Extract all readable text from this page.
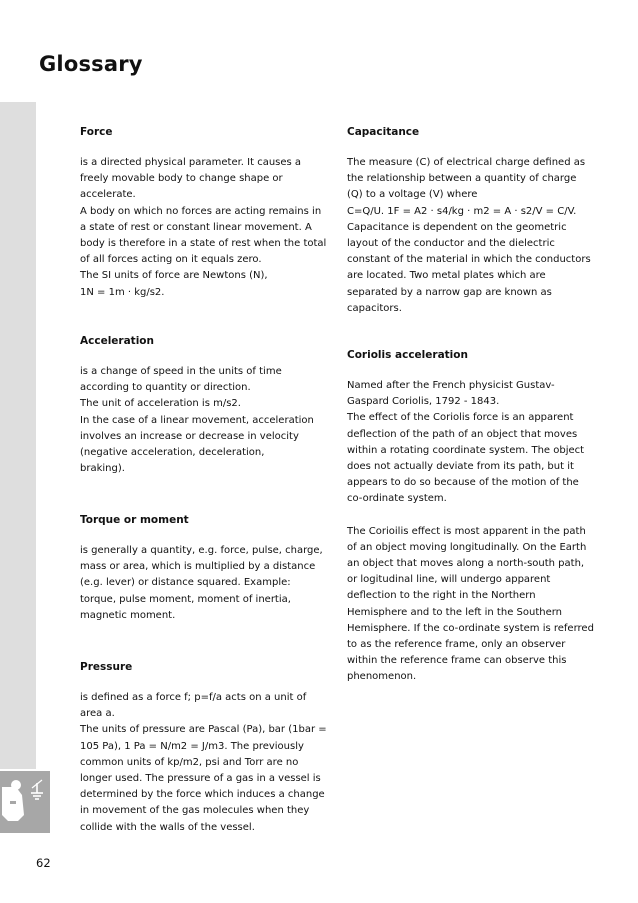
Glossary
62

Force

is a directed physical parameter. It causes a
freely movable body to change shape or
accelerate.
A body on which no forces are acting remains in
a state of rest or constant linear movement. A
body is therefore in a state of rest when the total
of all forces acting on it equals zero.
The SI units of force are Newtons (N),
1N = 1m · kg/s2.

Acceleration

is a change of speed in the units of time
according to quantity or direction.
The unit of acceleration is m/s2.
In the case of a linear movement, acceleration
involves an increase or decrease in velocity
(negative acceleration, deceleration,
braking).

Torque or moment

is generally a quantity, e.g. force, pulse, charge,
mass or area, which is multiplied by a distance
(e.g. lever) or distance squared. Example:
torque, pulse moment, moment of inertia,
magnetic moment.

Pressure

is defined as a force f; p=f/a acts on a unit of
area a.
The units of pressure are Pascal (Pa), bar (1bar =
105 Pa), 1 Pa = N/m2 = J/m3. The previously
common units of kp/m2, psi and Torr are no
longer used. The pressure of a gas in a vessel is
determined by the force which induces a change
in movement of the gas molecules when they
collide with the walls of the vessel.

Capacitance

The measure (C) of electrical charge defined as
the relationship between a quantity of charge
(Q) to a voltage (V) where
C=Q/U. 1F = A2 · s4/kg · m2 = A · s2/V = C/V.
Capacitance is dependent on the geometric
layout of the conductor and the dielectric
constant of the material in which the conductors
are located. Two metal plates which are
separated by a narrow gap are known as
capacitors.

Coriolis acceleration

Named after the French physicist Gustav-
Gaspard Coriolis, 1792 - 1843.
The effect of the Coriolis force is an apparent
deflection of the path of an object that moves
within a rotating coordinate system. The object
does not actually deviate from its path, but it
appears to do so because of the motion of the
co-ordinate system.

The Corioilis effect is most apparent in the path
of an object moving longitudinally. On the Earth
an object that moves along a north-south path,
or logitudinal line, will undergo apparent
deflection to the right in the Northern
Hemisphere and to the left in the Southern
Hemisphere. If the co-ordinate system is referred
to as the reference frame, only an observer
within the reference frame can observe this
phenomenon.
